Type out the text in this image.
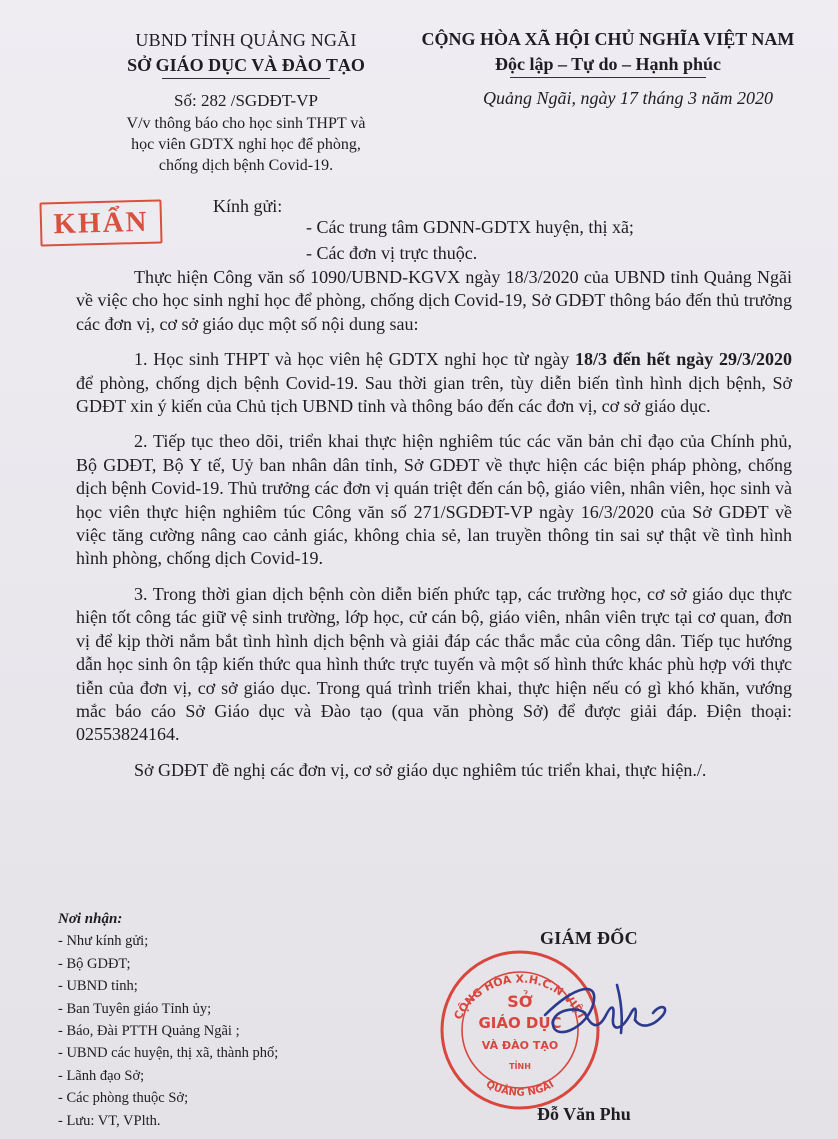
UBND TỈNH QUẢNG NGÃI
SỞ GIÁO DỤC VÀ ĐÀO TẠO
Số: 282 /SGDĐT-VP
V/v thông báo cho học sinh THPT và
học viên GDTX nghỉ học để phòng,
chống dịch bệnh Covid-19.
CỘNG HÒA XÃ HỘI CHỦ NGHĨA VIỆT NAM
Độc lập – Tự do – Hạnh phúc
Quảng Ngãi, ngày 17 tháng 3 năm 2020
KHẨN	Kính gửi:
- Các trung tâm GDNN-GDTX huyện, thị xã;
- Các đơn vị trực thuộc.

Thực hiện Công văn số 1090/UBND-KGVX ngày 18/3/2020 của UBND tỉnh Quảng Ngãi về việc cho học sinh nghỉ học để phòng, chống dịch Covid-19, Sở GDĐT thông báo đến thủ trưởng các đơn vị, cơ sở giáo dục một số nội dung sau:

1. Học sinh THPT và học viên hệ GDTX nghỉ học từ ngày 18/3 đến hết ngày 29/3/2020 để phòng, chống dịch bệnh Covid-19. Sau thời gian trên, tùy diễn biến tình hình dịch bệnh, Sở GDĐT xin ý kiến của Chủ tịch UBND tỉnh và thông báo đến các đơn vị, cơ sở giáo dục.

2. Tiếp tục theo dõi, triển khai thực hiện nghiêm túc các văn bản chỉ đạo của Chính phủ, Bộ GDĐT, Bộ Y tế, Uỷ ban nhân dân tỉnh, Sở GDĐT về thực hiện các biện pháp phòng, chống dịch bệnh Covid-19. Thủ trưởng các đơn vị quán triệt đến cán bộ, giáo viên, nhân viên, học sinh và học viên thực hiện nghiêm túc Công văn số 271/SGDĐT-VP ngày 16/3/2020 của Sở GDĐT về việc tăng cường nâng cao cảnh giác, không chia sẻ, lan truyền thông tin sai sự thật về tình hình hình phòng, chống dịch Covid-19.

3. Trong thời gian dịch bệnh còn diễn biến phức tạp, các trường học, cơ sở giáo dục thực hiện tốt công tác giữ vệ sinh trường, lớp học, cử cán bộ, giáo viên, nhân viên trực tại cơ quan, đơn vị để kịp thời nắm bắt tình hình dịch bệnh và giải đáp các thắc mắc của công dân. Tiếp tục hướng dẫn học sinh ôn tập kiến thức qua hình thức trực tuyến và một số hình thức khác phù hợp với thực tiễn của đơn vị, cơ sở giáo dục. Trong quá trình triển khai, thực hiện nếu có gì khó khăn, vướng mắc báo cáo Sở Giáo dục và Đào tạo (qua văn phòng Sở) để được giải đáp. Điện thoại: 02553824164.

Sở GDĐT đề nghị các đơn vị, cơ sở giáo dục nghiêm túc triển khai, thực hiện./.

Nơi nhận:
- Như kính gửi;
- Bộ GDĐT;
- UBND tỉnh;
- Ban Tuyên giáo Tỉnh ủy;
- Báo, Đài PTTH Quảng Ngãi ;
- UBND các huyện, thị xã, thành phố;
- Lãnh đạo Sở;
- Các phòng thuộc Sở;
- Lưu: VT, VPlth.
GIÁM ĐỐC
CỘNG HÒA X.H.C.N VIỆT
QUẢNG NGÃI
SỞ
GIÁO DỤC
VÀ ĐÀO TẠO
TỈNH
Đỗ Văn Phu
